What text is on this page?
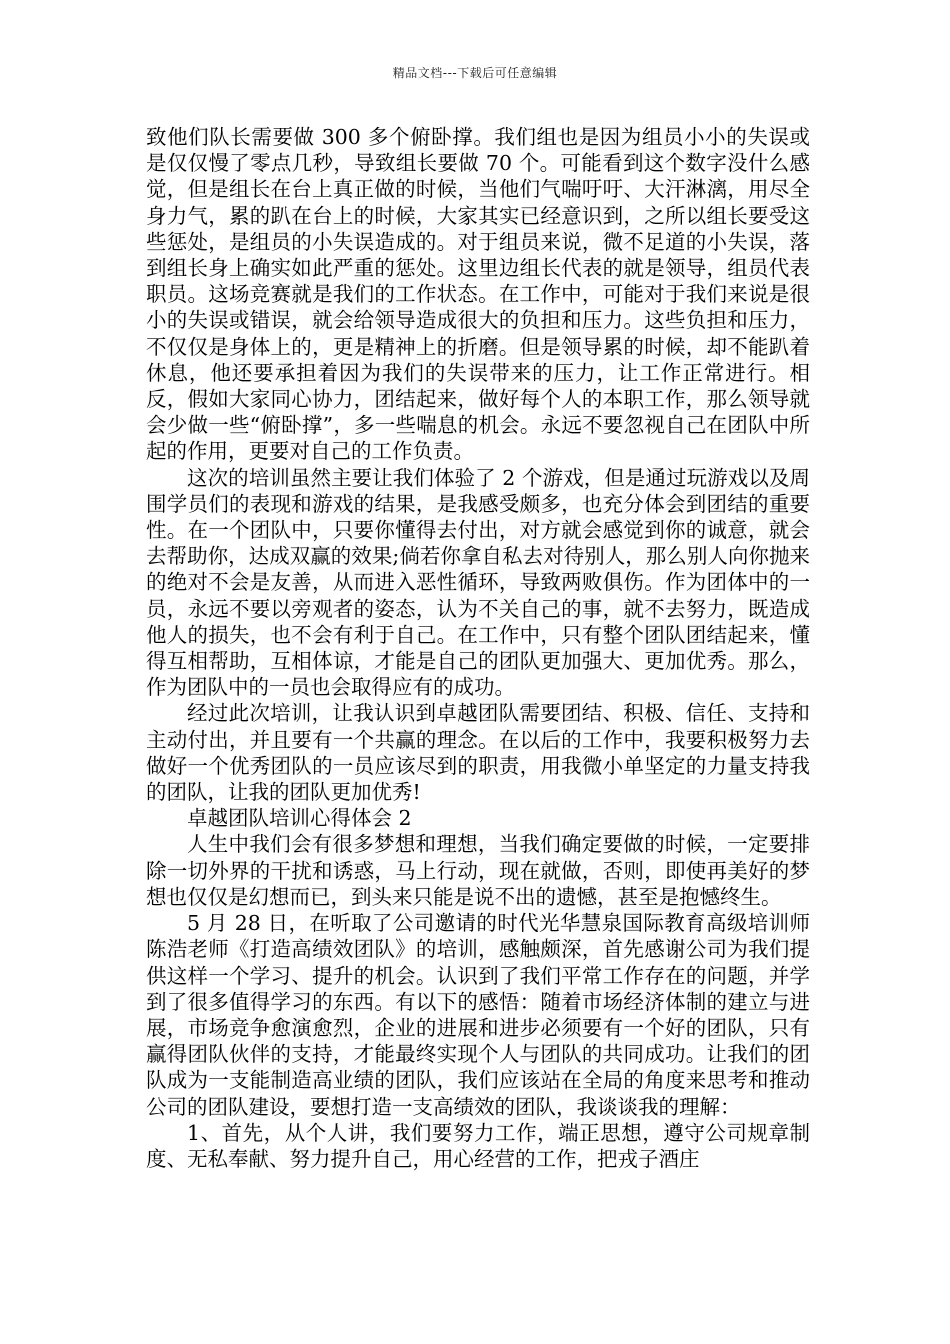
精品文档---下载后可任意编辑

致他们队长需要做 300 多个俯卧撑。我们组也是因为组员小小的失误或是仅仅慢了零点几秒，导致组长要做 70 个。可能看到这个数字没什么感觉，但是组长在台上真正做的时候，当他们气喘吁吁、大汗淋漓，用尽全身力气，累的趴在台上的时候，大家其实已经意识到，之所以组长要受这些惩处，是组员的小失误造成的。对于组员来说，微不足道的小失误，落到组长身上确实如此严重的惩处。这里边组长代表的就是领导，组员代表职员。这场竞赛就是我们的工作状态。在工作中，可能对于我们来说是很小的失误或错误，就会给领导造成很大的负担和压力。这些负担和压力，不仅仅是身体上的，更是精神上的折磨。但是领导累的时候，却不能趴着休息，他还要承担着因为我们的失误带来的压力，让工作正常进行。相反，假如大家同心协力，团结起来，做好每个人的本职工作，那么领导就会少做一些“俯卧撑”，多一些喘息的机会。永远不要忽视自己在团队中所起的作用，更要对自己的工作负责。

这次的培训虽然主要让我们体验了 2 个游戏，但是通过玩游戏以及周围学员们的表现和游戏的结果，是我感受颇多，也充分体会到团结的重要性。在一个团队中，只要你懂得去付出，对方就会感觉到你的诚意，就会去帮助你，达成双赢的效果;倘若你拿自私去对待别人，那么别人向你抛来的绝对不会是友善，从而进入恶性循环，导致两败俱伤。作为团体中的一员，永远不要以旁观者的姿态，认为不关自己的事，就不去努力，既造成他人的损失，也不会有利于自己。在工作中，只有整个团队团结起来，懂得互相帮助，互相体谅，才能是自己的团队更加强大、更加优秀。那么，作为团队中的一员也会取得应有的成功。

经过此次培训，让我认识到卓越团队需要团结、积极、信任、支持和主动付出，并且要有一个共赢的理念。在以后的工作中，我要积极努力去做好一个优秀团队的一员应该尽到的职责，用我微小单坚定的力量支持我的团队，让我的团队更加优秀!

卓越团队培训心得体会 2

人生中我们会有很多梦想和理想，当我们确定要做的时候，一定要排除一切外界的干扰和诱惑，马上行动，现在就做，否则，即使再美好的梦想也仅仅是幻想而已，到头来只能是说不出的遗憾，甚至是抱憾终生。

5 月 28 日，在听取了公司邀请的时代光华慧泉国际教育高级培训师陈浩老师《打造高绩效团队》的培训，感触颇深，首先感谢公司为我们提供这样一个学习、提升的机会。认识到了我们平常工作存在的问题，并学到了很多值得学习的东西。有以下的感悟：随着市场经济体制的建立与进展，市场竞争愈演愈烈，企业的进展和进步必须要有一个好的团队，只有赢得团队伙伴的支持，才能最终实现个人与团队的共同成功。让我们的团队成为一支能制造高业绩的团队，我们应该站在全局的角度来思考和推动公司的团队建设，要想打造一支高绩效的团队，我谈谈我的理解：

1、首先，从个人讲，我们要努力工作，端正思想，遵守公司规章制度、无私奉献、努力提升自己，用心经营的工作，把戎子酒庄
